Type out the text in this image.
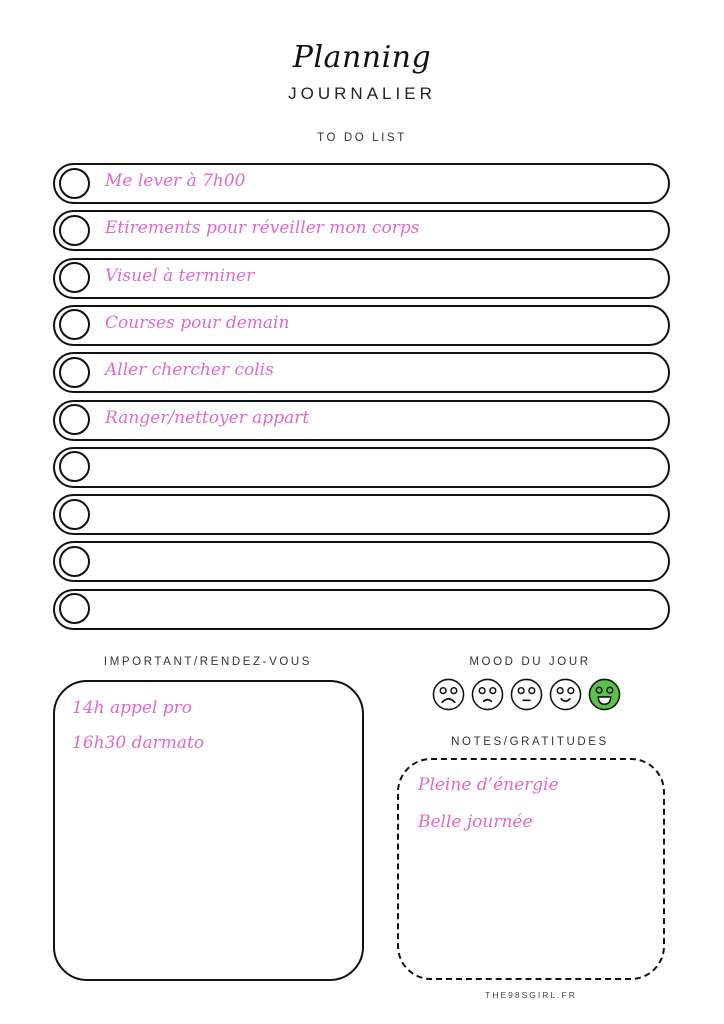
Planning
JOURNALIER
TO DO LIST
Me lever à 7h00
Etirements pour réveiller mon corps
Visuel à terminer
Courses pour demain
Aller chercher colis
Ranger/nettoyer appart
IMPORTANT/RENDEZ-VOUS
14h appel pro
16h30 darmato
MOOD DU JOUR
NOTES/GRATITUDES
Pleine d’énergie
Belle journée
THE98SGIRL.FR
